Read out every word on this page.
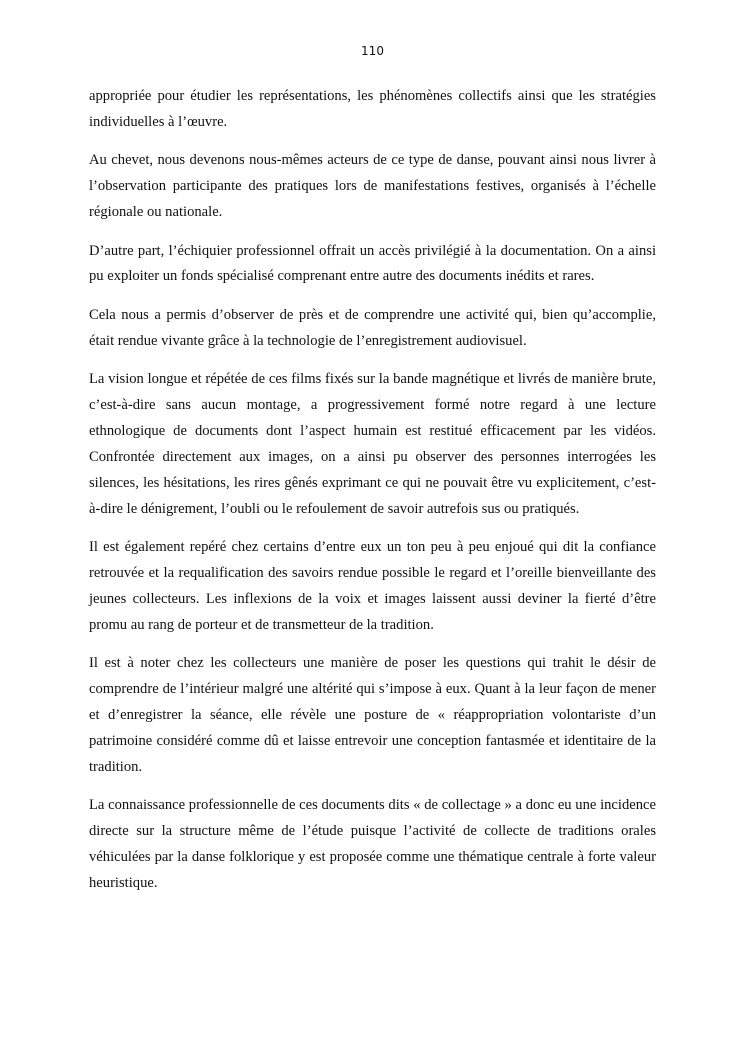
110

appropriée pour étudier les représentations, les phénomènes collectifs ainsi que les stratégies individuelles à l’œuvre.

Au chevet, nous devenons nous-mêmes acteurs de ce type de danse, pouvant ainsi nous livrer à l’observation participante des pratiques lors de manifestations festives, organisés à l’échelle régionale ou nationale.

D’autre part, l’échiquier professionnel offrait un accès privilégié à la documentation. On a ainsi pu exploiter un fonds spécialisé comprenant entre autre des documents inédits et rares.

Cela nous a permis d’observer de près et de comprendre une activité qui, bien qu’accomplie, était rendue vivante grâce à la technologie de l’enregistrement audiovisuel.

La vision longue et répétée de ces films fixés sur la bande magnétique et livrés de manière brute, c’est-à-dire sans aucun montage, a progressivement formé notre regard à une lecture ethnologique de documents dont l’aspect humain est restitué efficacement par les vidéos. Confrontée directement aux images, on a ainsi pu observer des personnes interrogées les silences, les hésitations, les rires gênés exprimant ce qui ne pouvait être vu explicitement, c’est-à-dire le dénigrement, l’oubli ou le refoulement de savoir autrefois sus ou pratiqués.

Il est également repéré chez certains d’entre eux un ton peu à peu enjoué qui dit la confiance retrouvée et la requalification des savoirs rendue possible le regard et l’oreille bienveillante des jeunes collecteurs. Les inflexions de la voix et images laissent aussi deviner la fierté d’être promu au rang de porteur et de transmetteur de la tradition.

Il est à noter chez les collecteurs une manière de poser les questions qui trahit le désir de comprendre de l’intérieur malgré une altérité qui s’impose à eux. Quant à la leur façon de mener et d’enregistrer la séance, elle révèle une posture de « réappropriation volontariste d’un patrimoine considéré comme dû et laisse entrevoir une conception fantasmée et identitaire de la tradition.

La connaissance professionnelle de ces documents dits « de collectage » a donc eu une incidence directe sur la structure même de l’étude puisque l’activité de collecte de traditions orales véhiculées par la danse folklorique y est proposée comme une thématique centrale à forte valeur heuristique.
